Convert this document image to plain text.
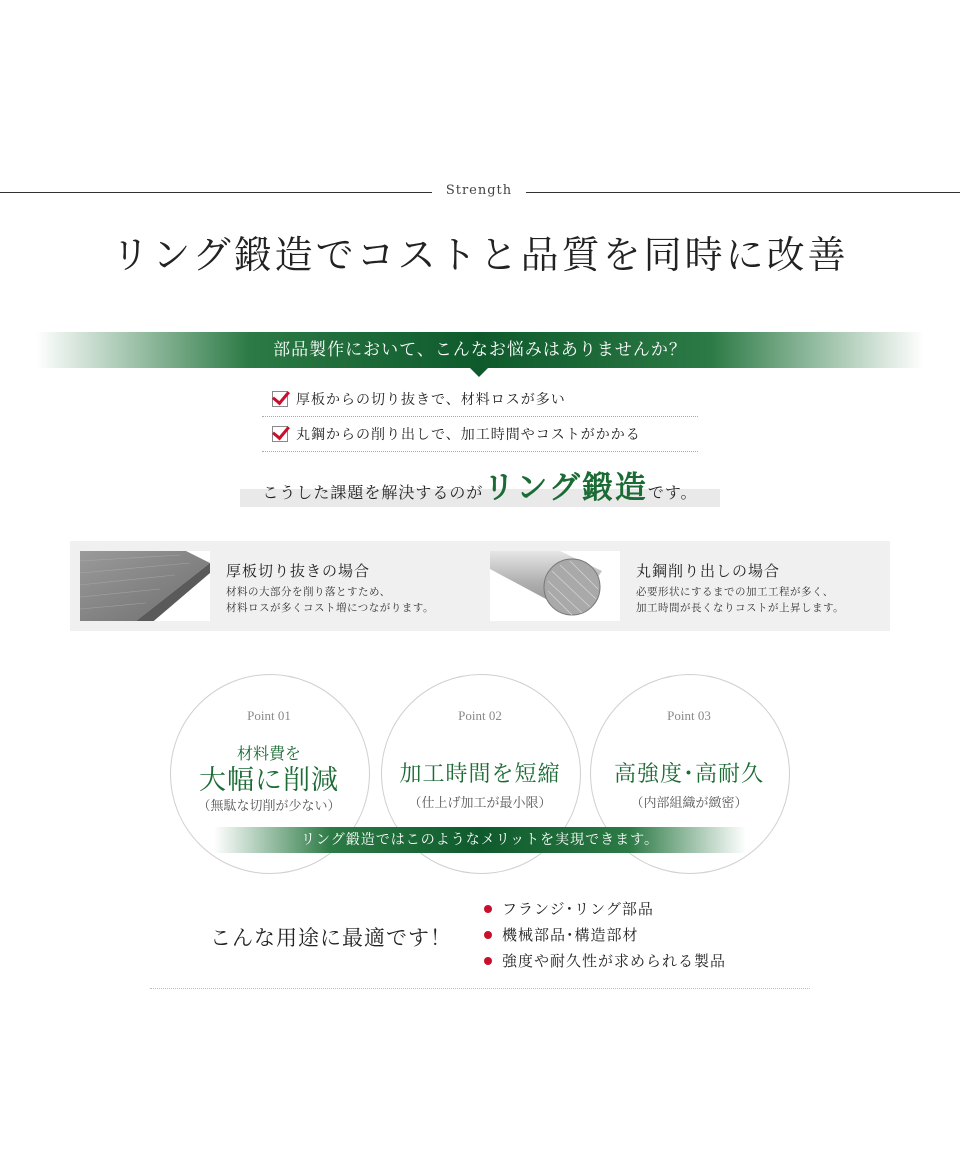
Strength
リング鍛造でコストと品質を同時に改善
部品製作において、こんなお悩みはありませんか？
厚板からの切り抜きで、材料ロスが多い
丸鋼からの削り出しで、加工時間やコストがかかる
こうした課題を解決するのがリング鍛造です。
厚板切り抜きの場合
材料の大部分を削り落とすため、
材料ロスが多くコスト増につながります。
丸鋼削り出しの場合
必要形状にするまでの加工工程が多く、
加工時間が長くなりコストが上昇します。
Point 01
材料費を
大幅に削減
（無駄な切削が少ない）
Point 02
加工時間を短縮
（仕上げ加工が最小限）
Point 03
高強度･高耐久
（内部組織が緻密）
リング鍛造ではこのようなメリットを実現できます。
こんな用途に最適です！
フランジ･リング部品
機械部品･構造部材
強度や耐久性が求められる製品
